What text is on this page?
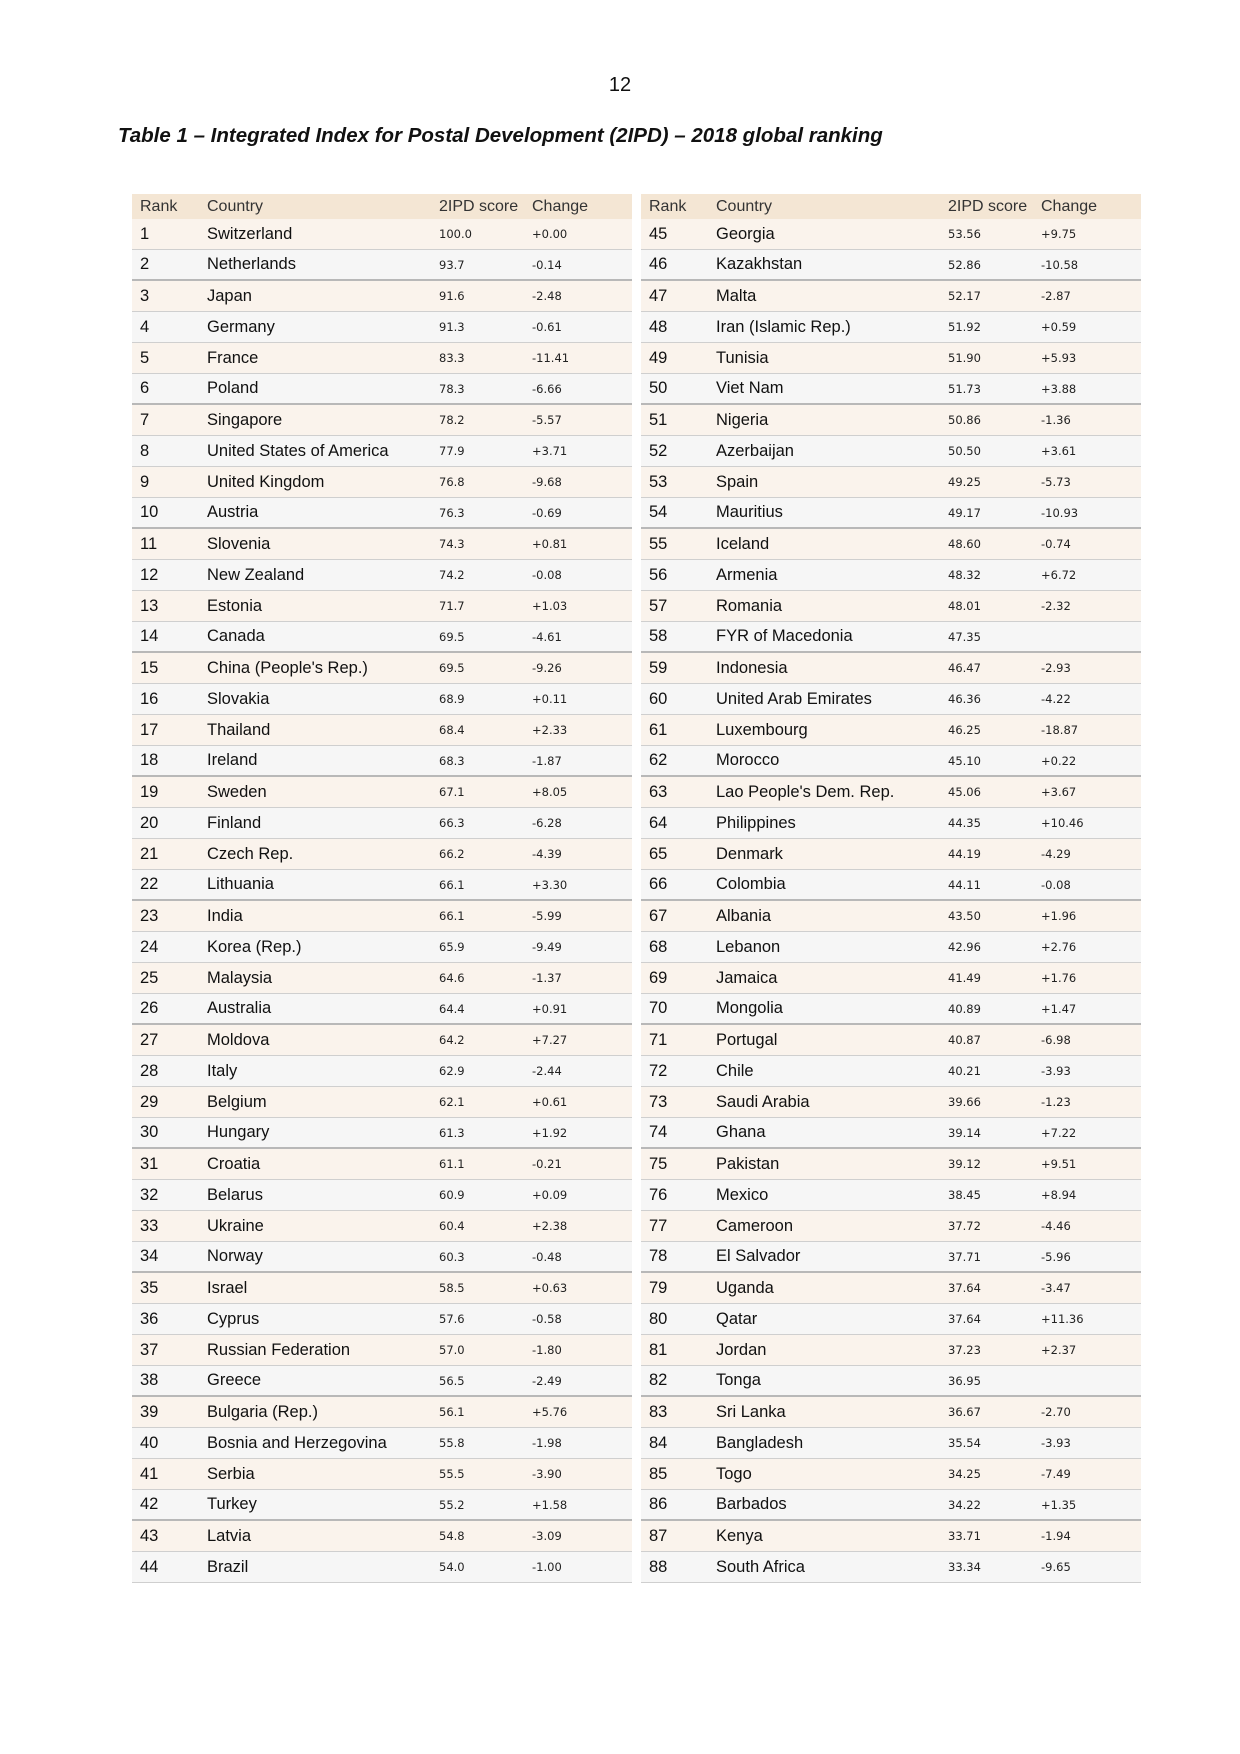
12
Table 1 – Integrated Index for Postal Development (2IPD) – 2018 global ranking
Rank	Country	2IPD score Change
1	Switzerland	100.0	+0.00
2	Netherlands	93.7	-0.14
3	Japan	91.6	-2.48
4	Germany	91.3	-0.61
5	France	83.3	-11.41
6	Poland	78.3	-6.66
7	Singapore	78.2	-5.57
8	United States of America	77.9	+3.71
9	United Kingdom	76.8	-9.68
10	Austria	76.3	-0.69
11	Slovenia	74.3	+0.81
12	New Zealand	74.2	-0.08
13	Estonia	71.7	+1.03
14	Canada	69.5	-4.61
15	China (People's Rep.)	69.5	-9.26
16	Slovakia	68.9	+0.11
17	Thailand	68.4	+2.33
18	Ireland	68.3	-1.87
19	Sweden	67.1	+8.05
20	Finland	66.3	-6.28
21	Czech Rep.	66.2	-4.39
22	Lithuania	66.1	+3.30
23	India	66.1	-5.99
24	Korea (Rep.)	65.9	-9.49
25	Malaysia	64.6	-1.37
26	Australia	64.4	+0.91
27	Moldova	64.2	+7.27
28	Italy	62.9	-2.44
29	Belgium	62.1	+0.61
30	Hungary	61.3	+1.92
31	Croatia	61.1	-0.21
32	Belarus	60.9	+0.09
33	Ukraine	60.4	+2.38
34	Norway	60.3	-0.48
35	Israel	58.5	+0.63
36	Cyprus	57.6	-0.58
37	Russian Federation	57.0	-1.80
38	Greece	56.5	-2.49
39	Bulgaria (Rep.)	56.1	+5.76
40	Bosnia and Herzegovina	55.8	-1.98
41	Serbia	55.5	-3.90
42	Turkey	55.2	+1.58
43	Latvia	54.8	-3.09
44	Brazil	54.0	-1.00
Rank	Country	2IPD score Change
45	Georgia	53.56	+9.75
46	Kazakhstan	52.86	-10.58
47	Malta	52.17	-2.87
48	Iran (Islamic Rep.)	51.92	+0.59
49	Tunisia	51.90	+5.93
50	Viet Nam	51.73	+3.88
51	Nigeria	50.86	-1.36
52	Azerbaijan	50.50	+3.61
53	Spain	49.25	-5.73
54	Mauritius	49.17	-10.93
55	Iceland	48.60	-0.74
56	Armenia	48.32	+6.72
57	Romania	48.01	-2.32
58	FYR of Macedonia	47.35
59	Indonesia	46.47	-2.93
60	United Arab Emirates	46.36	-4.22
61	Luxembourg	46.25	-18.87
62	Morocco	45.10	+0.22
63	Lao People's Dem. Rep.	45.06	+3.67
64	Philippines	44.35	+10.46
65	Denmark	44.19	-4.29
66	Colombia	44.11	-0.08
67	Albania	43.50	+1.96
68	Lebanon	42.96	+2.76
69	Jamaica	41.49	+1.76
70	Mongolia	40.89	+1.47
71	Portugal	40.87	-6.98
72	Chile	40.21	-3.93
73	Saudi Arabia	39.66	-1.23
74	Ghana	39.14	+7.22
75	Pakistan	39.12	+9.51
76	Mexico	38.45	+8.94
77	Cameroon	37.72	-4.46
78	El Salvador	37.71	-5.96
79	Uganda	37.64	-3.47
80	Qatar	37.64	+11.36
81	Jordan	37.23	+2.37
82	Tonga	36.95
83	Sri Lanka	36.67	-2.70
84	Bangladesh	35.54	-3.93
85	Togo	34.25	-7.49
86	Barbados	34.22	+1.35
87	Kenya	33.71	-1.94
88	South Africa	33.34	-9.65
